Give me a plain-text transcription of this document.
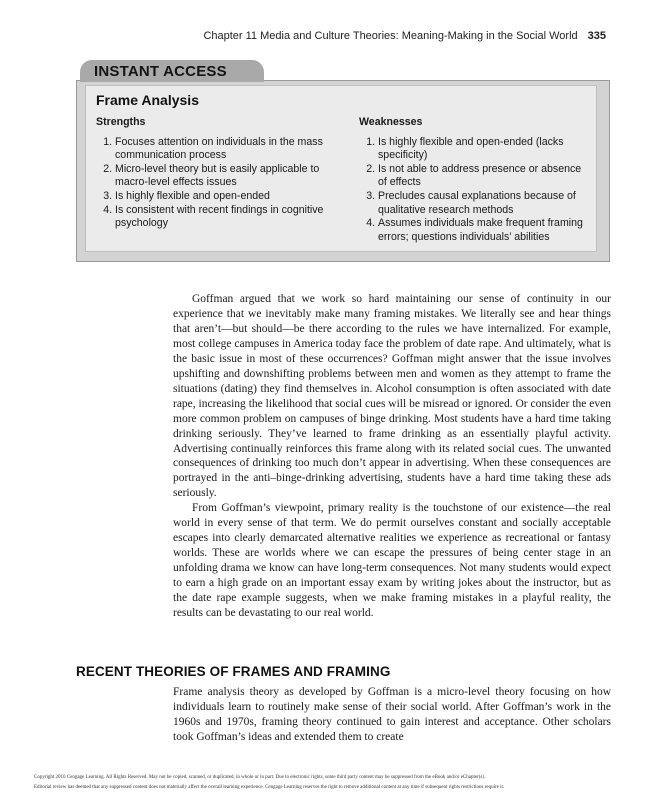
Chapter 11 Media and Culture Theories: Meaning-Making in the Social World 335
INSTANT ACCESS
Frame Analysis
Strengths
1. Focuses attention on individuals in the mass communication process
2. Micro-level theory but is easily applicable to macro-level effects issues
3. Is highly flexible and open-ended
4. Is consistent with recent findings in cognitive psychology
Weaknesses
1. Is highly flexible and open-ended (lacks specificity)
2. Is not able to address presence or absence of effects
3. Precludes causal explanations because of qualitative research methods
4. Assumes individuals make frequent framing errors; questions individuals’ abilities

Goffman argued that we work so hard maintaining our sense of continuity in our experience that we inevitably make many framing mistakes. We literally see and hear things that aren’t—but should—be there according to the rules we have internalized. For example, most college campuses in America today face the problem of date rape. And ultimately, what is the basic issue in most of these occurrences? Goffman might answer that the issue involves upshifting and downshifting problems between men and women as they attempt to frame the situations (dating) they find themselves in. Alcohol consumption is often associated with date rape, increasing the likelihood that social cues will be misread or ignored. Or consider the even more common problem on campuses of binge drinking. Most students have a hard time taking drinking seriously. They’ve learned to frame drinking as an essentially playful activity. Advertising continually reinforces this frame along with its related social cues. The unwanted consequences of drinking too much don’t appear in advertising. When these consequences are portrayed in the anti–binge-drinking advertising, students have a hard time taking these ads seriously.

From Goffman’s viewpoint, primary reality is the touchstone of our existence—the real world in every sense of that term. We do permit ourselves constant and socially acceptable escapes into clearly demarcated alternative realities we experience as recreational or fantasy worlds. These are worlds where we can escape the pressures of being center stage in an unfolding drama we know can have long-term consequences. Not many students would expect to earn a high grade on an important essay exam by writing jokes about the instructor, but as the date rape example suggests, when we make framing mistakes in a playful reality, the results can be devastating to our real world.

RECENT THEORIES OF FRAMES AND FRAMING

Frame analysis theory as developed by Goffman is a micro-level theory focusing on how individuals learn to routinely make sense of their social world. After Goffman’s work in the 1960s and 1970s, framing theory continued to gain interest and acceptance. Other scholars took Goffman’s ideas and extended them to create

Copyright 2010 Cengage Learning. All Rights Reserved. May not be copied, scanned, or duplicated, in whole or in part. Due to electronic rights, some third party content may be suppressed from the eBook and/or eChapter(s).
Editorial review has deemed that any suppressed content does not materially affect the overall learning experience. Cengage Learning reserves the right to remove additional content at any time if subsequent rights restrictions require it.
